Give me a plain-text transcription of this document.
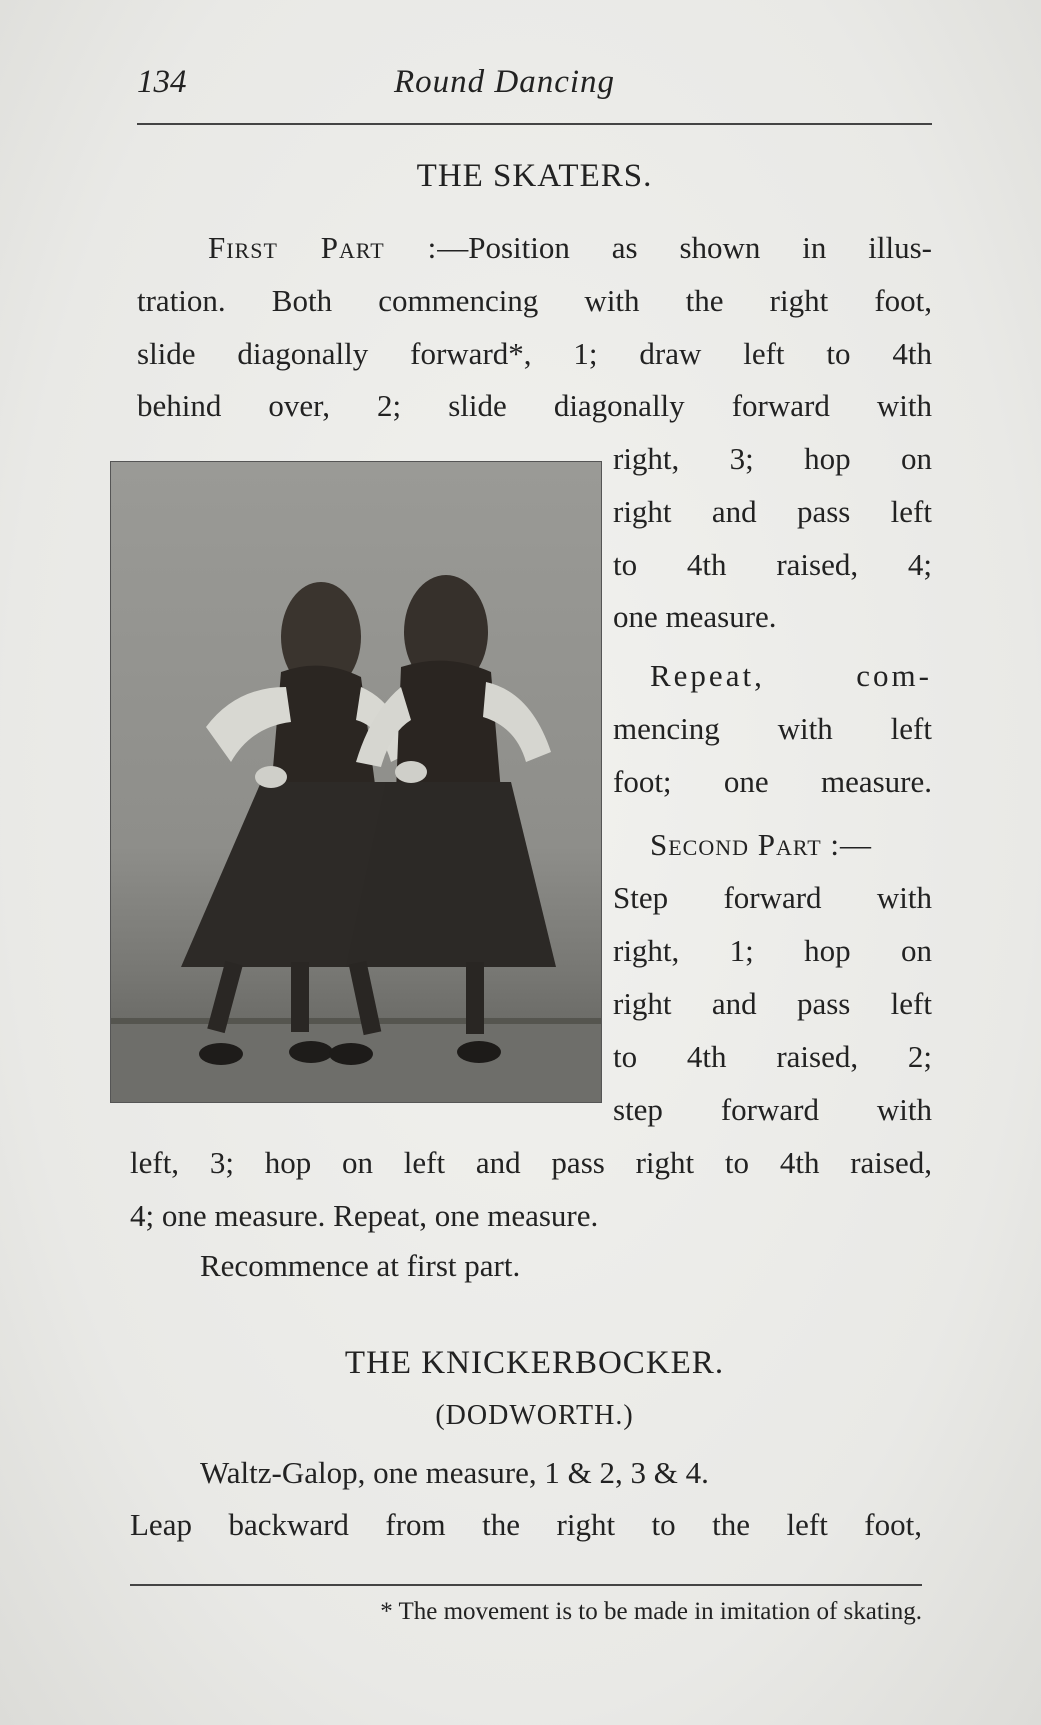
134	Round Dancing
THE SKATERS.
First Part :—Position as shown in illus-
tration. Both commencing with the right foot,
slide diagonally forward*, 1; draw left to 4th
behind over, 2; slide diagonally forward with
right, 3; hop on
right and pass left
to 4th raised, 4;
one measure.
Repeat, com-
mencing with left
foot; one measure.
Second Part :—
Step forward with
right, 1; hop on
right and pass left
to 4th raised, 2;
step forward with
left, 3; hop on left and pass right to 4th raised,
4; one measure. Repeat, one measure.
Recommence at first part.
THE KNICKERBOCKER.
(DODWORTH.)
Waltz-Galop, one measure, 1 & 2, 3 & 4.
Leap backward from the right to the left foot,
* The movement is to be made in imitation of skating.
